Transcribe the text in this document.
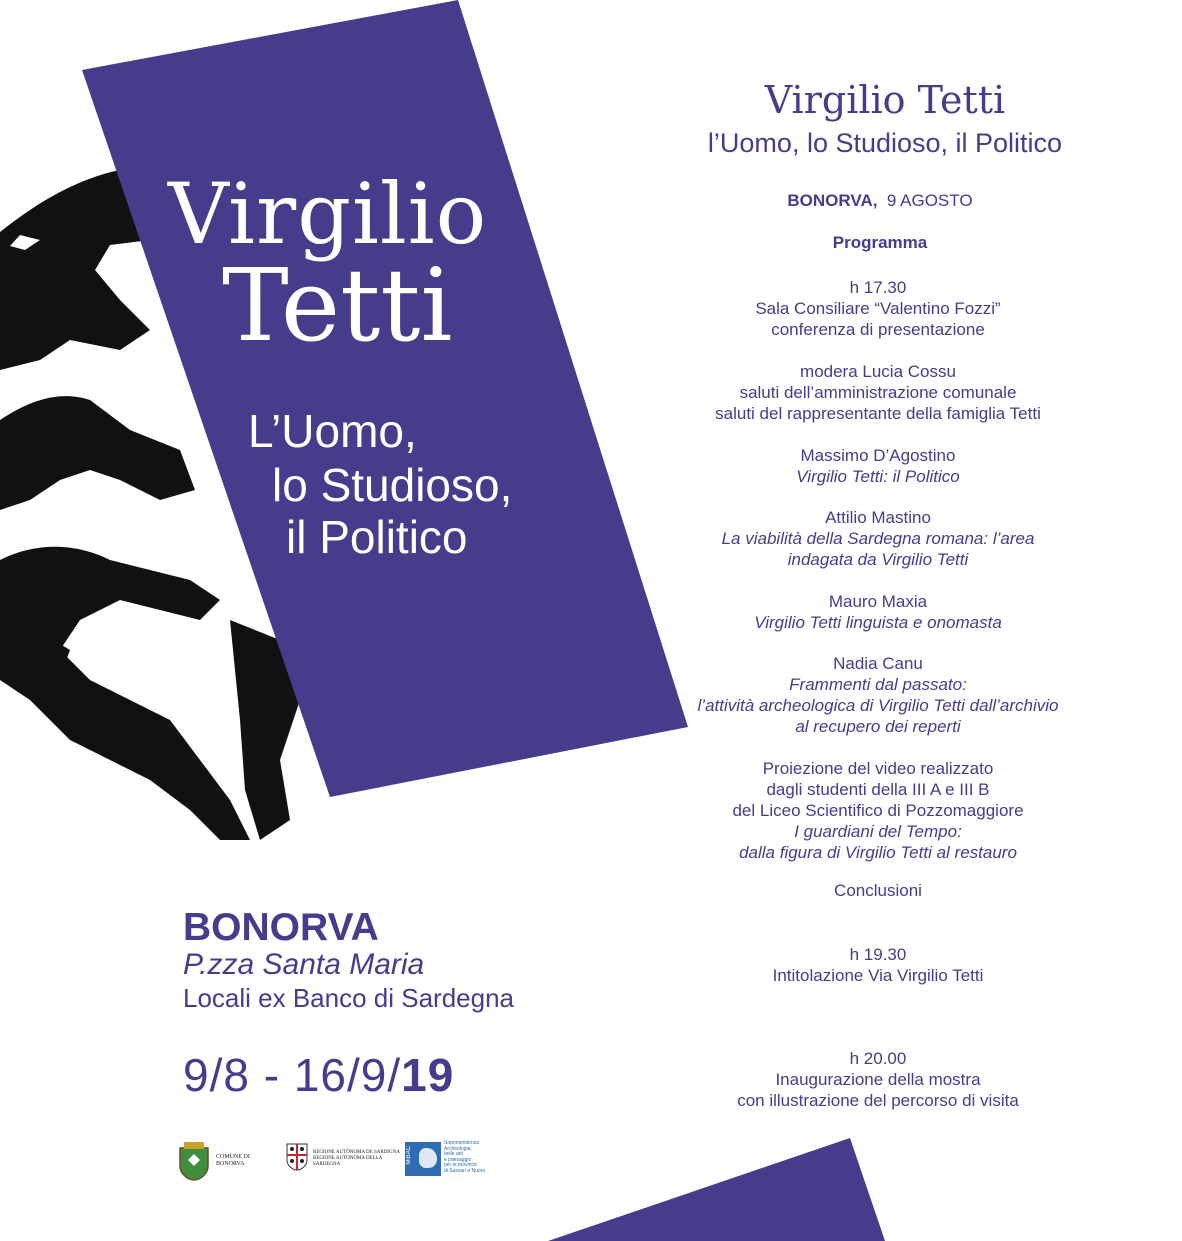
Virgilio
Tetti
L’Uomo,
lo Studioso,
il Politico
BONORVA
P.zza Santa Maria
Locali ex Banco di Sardegna
9/8 - 16/9/19
Virgilio Tetti
l’Uomo, lo Studioso, il Politico
BONORVA, 9 AGOSTO
Programma
h 17.30
Sala Consiliare “Valentino Fozzi”
conferenza di presentazione
modera Lucia Cossu
saluti dell’amministrazione comunale
saluti del rappresentante della famiglia Tetti
Massimo D’Agostino
Virgilio Tetti: il Politico
Attilio Mastino
La viabilità della Sardegna romana: l’area
indagata da Virgilio Tetti
Mauro Maxia
Virgilio Tetti linguista e onomasta
Nadia Canu
Frammenti dal passato:
l’attività archeologica di Virgilio Tetti dall’archivio
al recupero dei reperti
Proiezione del video realizzato
dagli studenti della III A e III B
del Liceo Scientifico di Pozzomaggiore
I guardiani del Tempo:
dalla figura di Virgilio Tetti al restauro
Conclusioni
h 19.30
Intitolazione Via Virgilio Tetti
h 20.00
Inaugurazione della mostra
con illustrazione del percorso di visita
COMUNE DI
BONORVA
REGIONE AUTÒNOMA DE SARDIGNA
REGIONE AUTONOMA DELLA SARDEGNA	MiBAC
Soprintendenza
Archeologia,
belle arti
e paesaggio
per le province
di Sassari e Nuoro
